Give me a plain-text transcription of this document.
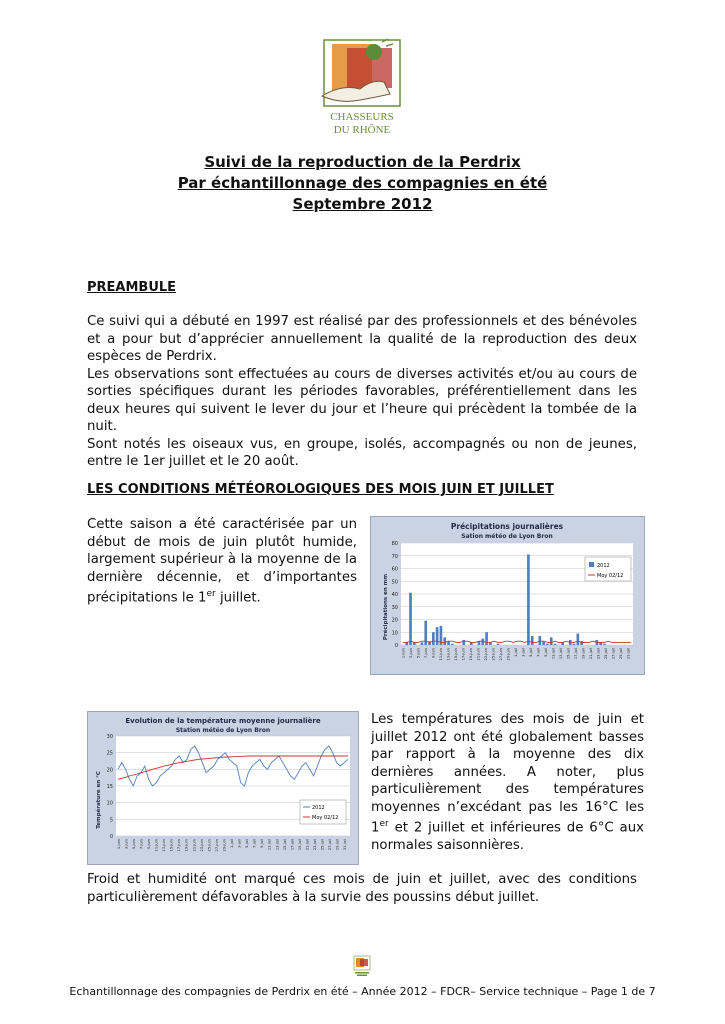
CHASSEURS
DU RHÔNE
Suivi de la reproduction de la Perdrix
Par échantillonnage des compagnies en été
Septembre 2012
PREAMBULE

Ce suivi qui a débuté en 1997 est réalisé par des professionnels et des bénévoles et a pour but d’apprécier annuellement la qualité de la reproduction des deux espèces de Perdrix.

Les observations sont effectuées au cours de diverses activités et/ou au cours de sorties spécifiques durant les périodes favorables, préférentiellement dans les deux heures qui suivent le lever du jour et l’heure qui précèdent la tombée de la nuit.

Sont notés les oiseaux vus, en groupe, isolés, accompagnés ou non de jeunes, entre le 1er juillet et le 20 août.

LES CONDITIONS MÉTÉOROLOGIQUES DES MOIS JUIN ET JUILLET
Cette saison a été caractérisée par un début de mois de juin plutôt humide, largement supérieur à la moyenne de la dernière décennie, et d’importantes précipitations le 1er juillet.
Précipitations journalières
Sation météo de Lyon Bron
Précipitations en mm
0
10
20
30
40
50
60
70
80
1-juin 3-juin 5-juin 7-juin 9-juin 11-juin 13-juin 15-juin 17-juin 19-juin 21-juin 23-juin 25-juin 27-juin 29-juin 1-juil 3-juil 5-juil 7-juil 9-juil 11-juil 13-juil 15-juil 17-juil 19-juil 21-juil 23-juil 25-juil 27-juil 29-juil 31-juil
2012
Moy 02/12
Evolution de la température moyenne journalière
Station météo de Lyon Bron
Température en °C
0
5
10
15
20
25
30
1-juin 3-juin 5-juin 7-juin 9-juin 11-juin 13-juin 15-juin 17-juin 19-juin 21-juin 23-juin 25-juin 27-juin 29-juin 1-juil 3-juil 5-juil 7-juil 9-juil 11-juil 13-juil 15-juil 17-juil 19-juil 21-juil 23-juil 25-juil 27-juil 29-juil 31-juil
2012
Moy 02/12
Les températures des mois de juin et juillet 2012 ont été globalement basses par rapport à la moyenne des dix dernières années. A noter, plus particulièrement des températures moyennes n’excédant pas les 16°C les 1er et 2 juillet et inférieures de 6°C aux normales saisonnières.
Froid et humidité ont marqué ces mois de juin et juillet, avec des conditions particulièrement défavorables à la survie des poussins début juillet.
Echantillonnage des compagnies de Perdrix en été – Année 2012 – FDCR– Service technique – Page 1 de 7
